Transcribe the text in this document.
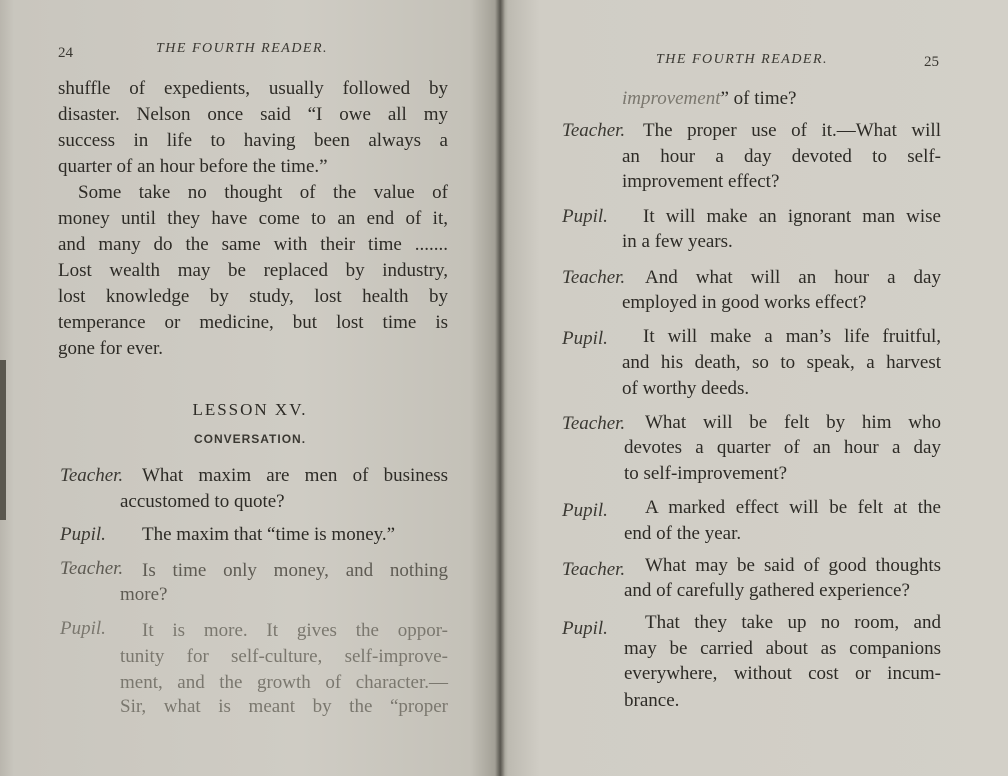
24	THE FOURTH READER.
shuffle of expedients, usually followed by
disaster. Nelson once said “I owe all my
success in life to having been always a
quarter of an hour before the time.”
Some take no thought of the value of
money until they have come to an end of it,
and many do the same with their time .......
Lost wealth may be replaced by industry,
lost knowledge by study, lost health by
temperance or medicine, but lost time is
gone for ever.
LESSON XV.
CONVERSATION.
Teacher. What maxim are men of business
accustomed to quote?
Pupil. The maxim that “time is money.”
Teacher. Is time only money, and nothing
more?
Pupil. It is more. It gives the oppor-
tunity for self-culture, self-improve-
ment, and the growth of character.—
Sir, what is meant by the “proper
THE FOURTH READER.	25
improvement” of time?
Teacher. The proper use of it.—What will
an hour a day devoted to self-
improvement effect?
Pupil. It will make an ignorant man wise
in a few years.
Teacher. And what will an hour a day
employed in good works effect?
Pupil. It will make a man’s life fruitful,
and his death, so to speak, a harvest
of worthy deeds.
Teacher. What will be felt by him who
devotes a quarter of an hour a day
to self-improvement?
Pupil. A marked effect will be felt at the
end of the year.
Teacher. What may be said of good thoughts
and of carefully gathered experience?
Pupil. That they take up no room, and
may be carried about as companions
everywhere, without cost or incum-
brance.
